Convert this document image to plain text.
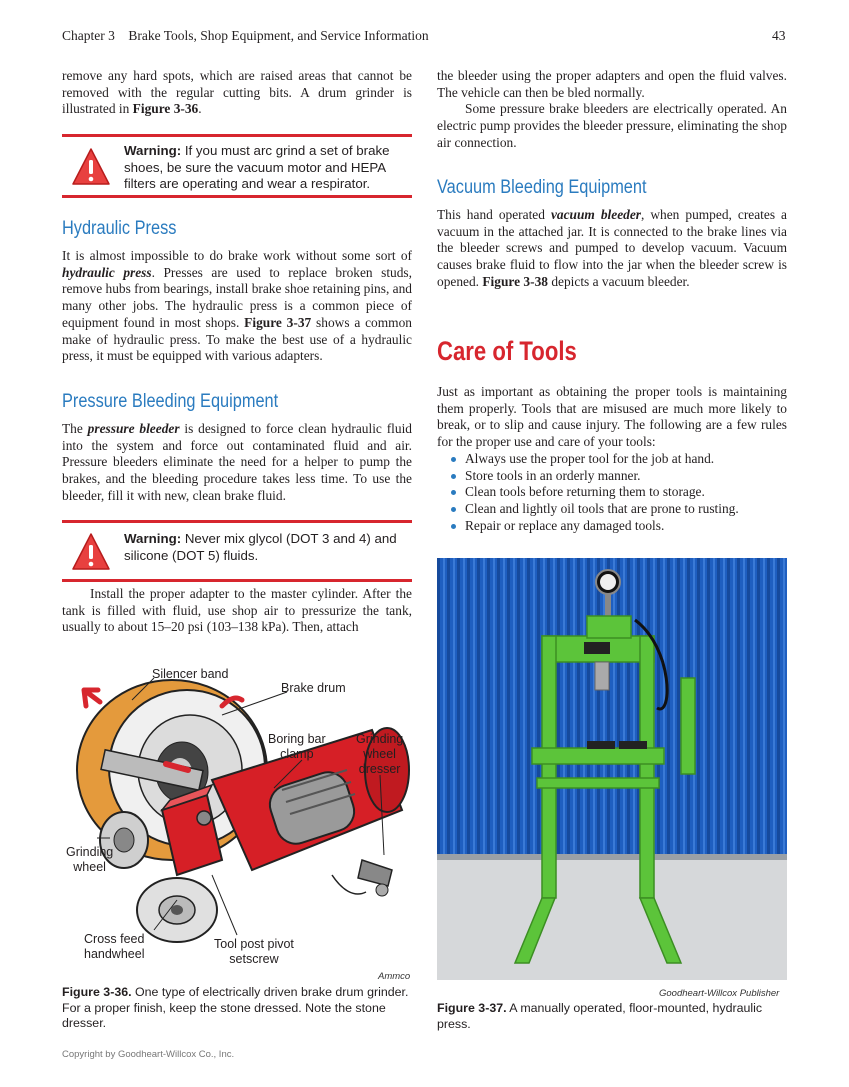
Chapter 3 Brake Tools, Shop Equipment, and Service Information	43

remove any hard spots, which are raised areas that cannot be removed with the regular cutting bits. A drum grinder is illustrated in Figure 3-36.

Warning: If you must arc grind a set of brake shoes, be sure the vacuum motor and HEPA filters are operating and wear a respirator.
Hydraulic Press

It is almost impossible to do brake work without some sort of hydraulic press. Presses are used to replace broken studs, remove hubs from bearings, install brake shoe retaining pins, and many other jobs. The hydraulic press is a common piece of equipment found in most shops. Figure 3-37 shows a common make of hydraulic press. To make the best use of a hydraulic press, it must be equipped with various adapters.

Pressure Bleeding Equipment

The pressure bleeder is designed to force clean hydraulic fluid into the system and force out contaminated fluid and air. Pressure bleeders eliminate the need for a helper to pump the brakes, and the bleeding procedure takes less time. To use the bleeder, fill it with new, clean brake fluid.

Warning: Never mix glycol (DOT 3 and 4) and silicone (DOT 5) fluids.

Install the proper adapter to the master cylinder. After the tank is filled with fluid, use shop air to pressurize the tank, usually to about 15–20 psi (103–138 kPa). Then, attach

Silencer band
Brake drum
Boring bar
clamp
Grinding
wheel
dresser
Grinding
wheel
Cross feed
handwheel
Tool post pivot
setscrew
Ammco
Figure 3-36. One type of electrically driven brake drum grinder. For a proper finish, keep the stone dressed. Note the stone dresser.

the bleeder using the proper adapters and open the fluid valves. The vehicle can then be bled normally.

Some pressure brake bleeders are electrically operated. An electric pump provides the bleeder pressure, eliminating the shop air connection.

Vacuum Bleeding Equipment

This hand operated vacuum bleeder, when pumped, creates a vacuum in the attached jar. It is connected to the brake lines via the bleeder screws and pumped to develop vacuum. Vacuum causes brake fluid to flow into the jar when the bleeder screw is opened. Figure 3-38 depicts a vacuum bleeder.

Care of Tools

Just as important as obtaining the proper tools is maintaining them properly. Tools that are misused are much more likely to break, or to slip and cause injury. The following are a few rules for the proper use and care of your tools:

Always use the proper tool for the job at hand.
Store tools in an orderly manner.
Clean tools before returning them to storage.
Clean and lightly oil tools that are prone to rusting.
Repair or replace any damaged tools.
Goodheart-Willcox Publisher
Figure 3-37. A manually operated, floor-mounted, hydraulic press.
Copyright by Goodheart-Willcox Co., Inc.
